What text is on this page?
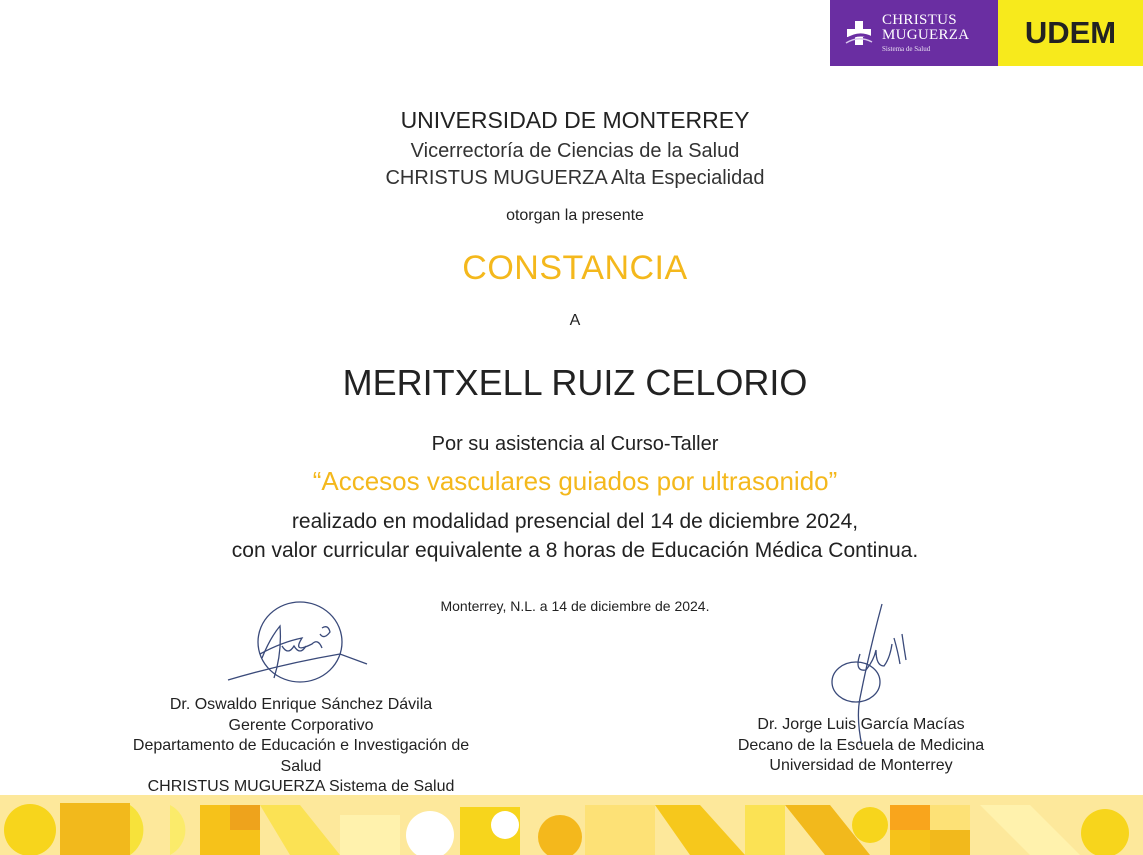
CHRISTUS
MUGUERZA
Sistema de Salud	UDEM
UNIVERSIDAD DE MONTERREY
Vicerrectoría de Ciencias de la Salud
CHRISTUS MUGUERZA Alta Especialidad
otorgan la presente
CONSTANCIA
A
MERITXELL RUIZ CELORIO
Por su asistencia al Curso-Taller
“Accesos vasculares guiados por ultrasonido”
realizado en modalidad presencial del 14 de diciembre 2024,
con valor curricular equivalente a 8 horas de Educación Médica Continua.
Monterrey, N.L. a 14 de diciembre de 2024.
Dr. Oswaldo Enrique Sánchez Dávila
Gerente Corporativo
Departamento de Educación e Investigación de
Salud
CHRISTUS MUGUERZA Sistema de Salud
Dr. Jorge Luis García Macías
Decano de la Escuela de Medicina
Universidad de Monterrey
